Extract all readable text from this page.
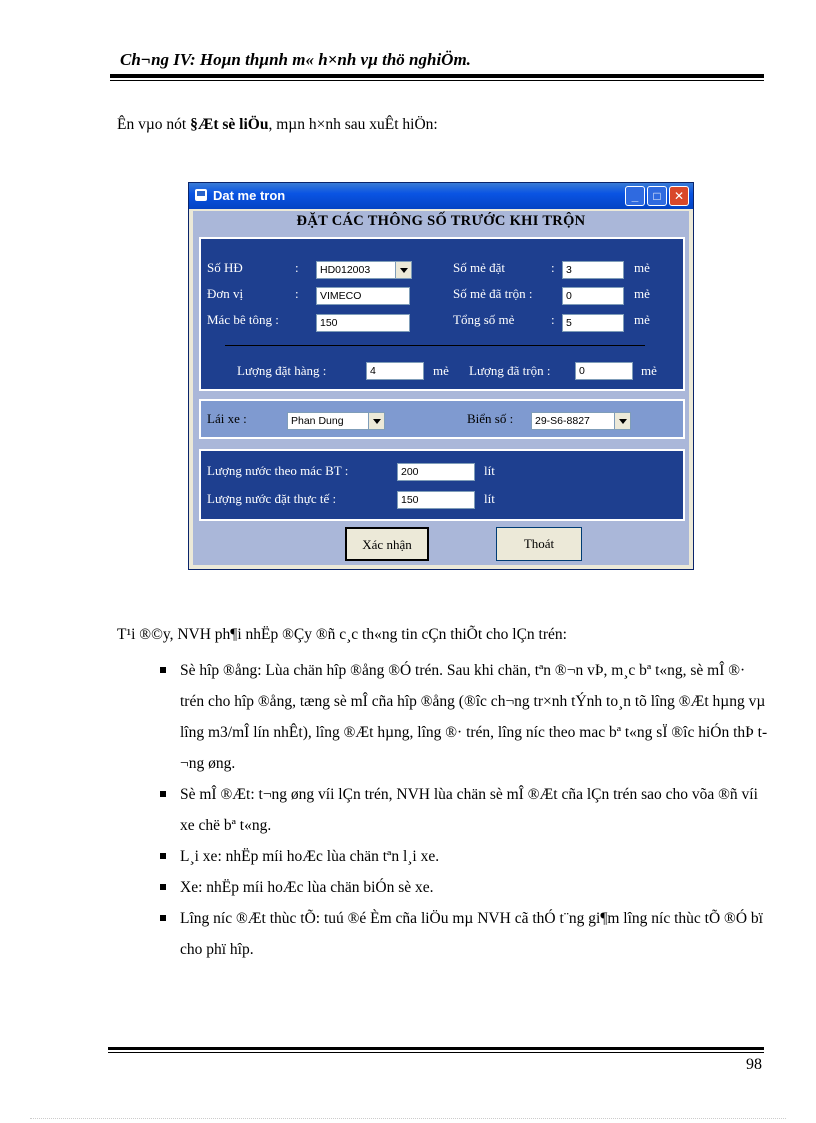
Ch¬ng IV: Hoµn thµnh m« h×nh vµ thö nghiÖm.
Ên vµo nót §Æt sè liÖu, mµn h×nh sau xuÊt hiÖn:
Dat me tron	_	□	✕
ĐẶT CÁC THÔNG SỐ TRƯỚC KHI TRỘN
Số HĐ	:	HD012003
Đơn vị	:	VIMECO
Mác bê tông :	150
Số mẻ đặt	:	3	mẻ
Số mẻ đã trộn :	0	mẻ
Tổng số mẻ	:	5	mẻ
Lượng đặt hàng :	4	mẻ Lượng đã trộn :	0	mẻ
Lái xe :	Phan Dung	Biển số :	29-S6-8827
Lượng nước theo mác BT :	200	lít
Lượng nước đặt thực tế :	150	lít
Xác nhận	Thoát
T¹i ®©y, NVH ph¶i nhËp ®Çy ®ñ c¸c th«ng tin cÇn thiÕt cho lÇn trén:
Sè hîp ®ång: Lùa chän hîp ®ång ®Ó trén. Sau khi chän, tªn ®¬n vÞ, m¸c bª t«ng, sè mÎ ®· trén cho hîp ®ång, tæng sè mÎ cña hîp ®ång (®îc ch¬ng tr×nh tÝnh to¸n tõ lîng ®Æt hµng vµ lîng m3/mÎ lín nhÊt), lîng ®Æt hµng, lîng ®· trén, lîng níc theo mac bª t«ng sÏ ®îc hiÓn thÞ t¬ng øng.
Sè mÎ ®Æt: t¬ng øng víi lÇn trén, NVH lùa chän sè mÎ ®Æt cña lÇn trén sao cho võa ®ñ víi xe chë bª t«ng.
L¸i xe: nhËp míi hoÆc lùa chän tªn l¸i xe.
Xe: nhËp míi hoÆc lùa chän biÓn sè xe.
Lîng níc ®Æt thùc tÕ: tuú ®é Èm cña liÖu mµ NVH cã thÓ t¨ng gi¶m lîng níc thùc tÕ ®Ó bï cho phï hîp.
98
